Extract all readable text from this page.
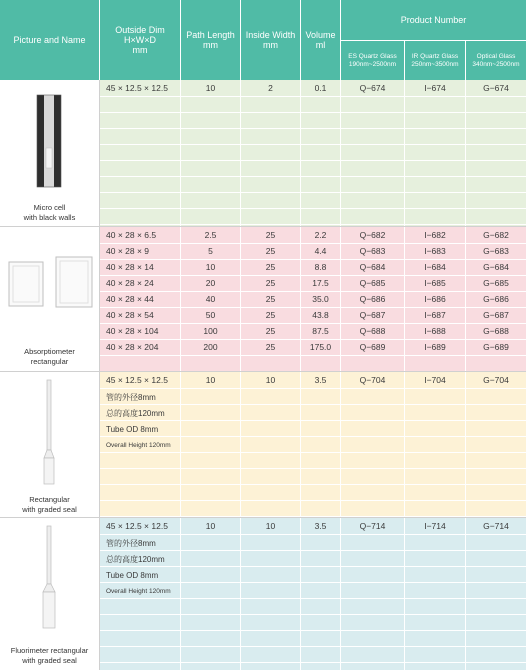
Picture and Name
Outside Dim
H×W×D
mm
Path Length
mm
Inside Width
mm
Volume
ml
Product Number
ES Quartz Glass
190nm~2500nm
IR Quartz Glass
250nm~3500nm
Optical Glass
340nm~2500nm
Micro cell
with black walls
45 × 12.5 × 12.5	10	2	0.1	Q−674	I−674	G−674
Absorptiometer
rectangular
40 × 28 × 6.5	2.5	25	2.2	Q−682	I−682	G−682
40 × 28 × 9	5	25	4.4	Q−683	I−683	G−683
40 × 28 × 14	10	25	8.8	Q−684	I−684	G−684
40 × 28 × 24	20	25	17.5	Q−685	I−685	G−685
40 × 28 × 44	40	25	35.0	Q−686	I−686	G−686
40 × 28 × 54	50	25	43.8	Q−687	I−687	G−687
40 × 28 × 104	100	25	87.5	Q−688	I−688	G−688
40 × 28 × 204	200	25	175.0	Q−689	I−689	G−689
Rectangular
with graded seal
45 × 12.5 × 12.5	10	10	3.5	Q−704	I−704	G−704
管的外径8mm
总的高度120mm
Tube OD 8mm
Overall Height 120mm
Fluorimeter rectangular
with graded seal
45 × 12.5 × 12.5	10	10	3.5	Q−714	I−714	G−714
管的外径8mm
总的高度120mm
Tube OD 8mm
Overall Height 120mm
